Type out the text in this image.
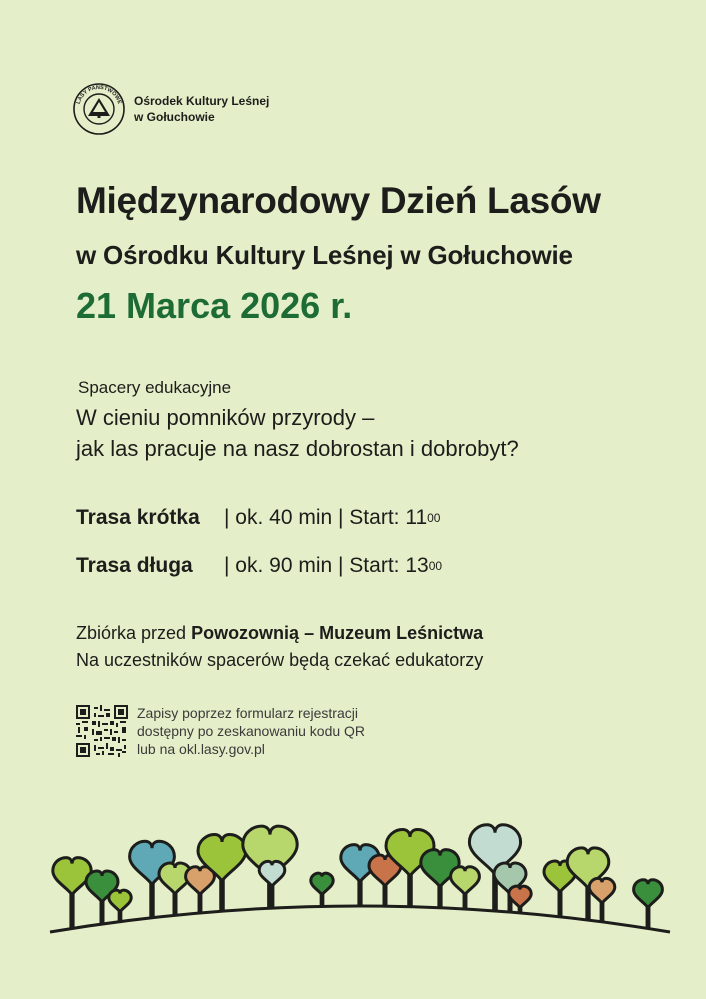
LASY PAŃSTWOWE Ośrodek Kultury Leśnej
w Gołuchowie
Międzynarodowy Dzień Lasów
w Ośrodku Kultury Leśnej w Gołuchowie
21 Marca 2026 r.
Spacery edukacyjne
W cieniu pomników przyrody –
jak las pracuje na nasz dobrostan i dobrobyt?
Trasa krótka	| ok. 40 min
| Start: $11^{00}$
Trasa długa	| ok. 90 min
| Start: $13^{00}$
Zbiórka przed Powozownią – Muzeum Leśnictwa
Na uczestników spacerów będą czekać edukatorzy
Zapisy poprzez formularz rejestracji
dostępny po zeskanowaniu kodu QR
lub na okl.lasy.gov.pl
